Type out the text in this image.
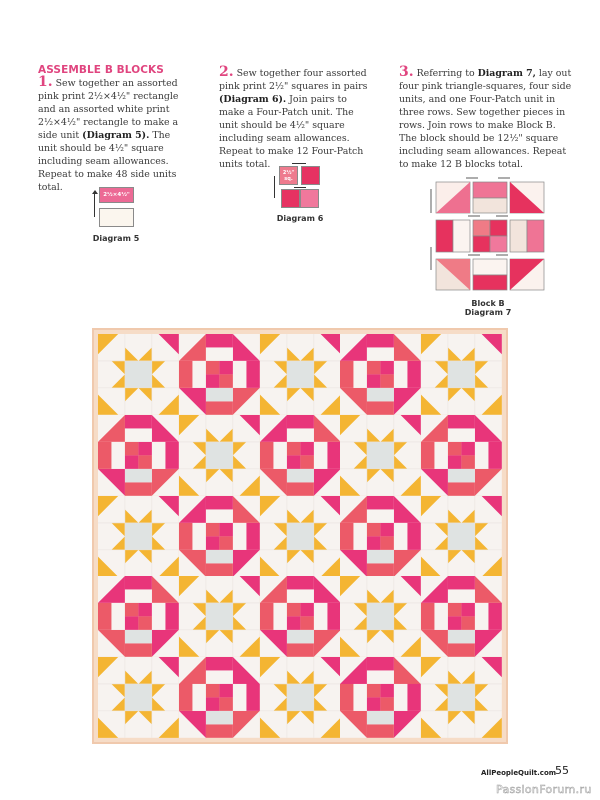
ASSEMBLE B BLOCKS
1. Sew together an assorted pink print 2½×4½" rectangle and an assorted white print 2½×4½" rectangle to make a side unit (Diagram 5). The unit should be 4½" square including seam allowances. Repeat to make 48 side units total.
2. Sew together four assorted pink print 2½" squares in pairs (Diagram 6). Join pairs to make a Four-Patch unit. The unit should be 4½" square including seam allowances. Repeat to make 12 Four-Patch units total.
3. Referring to Diagram 7, lay out four pink triangle-squares, four side units, and one Four-Patch unit in three rows. Sew together pieces in rows. Join rows to make Block B. The block should be 12½" square including seam allowances. Repeat to make 12 B blocks total.
2½×4½"
Diagram 5
2½" sq.
Diagram 6
Block B
Diagram 7
AllPeopleQuilt.com
55
PassionForum.ru
